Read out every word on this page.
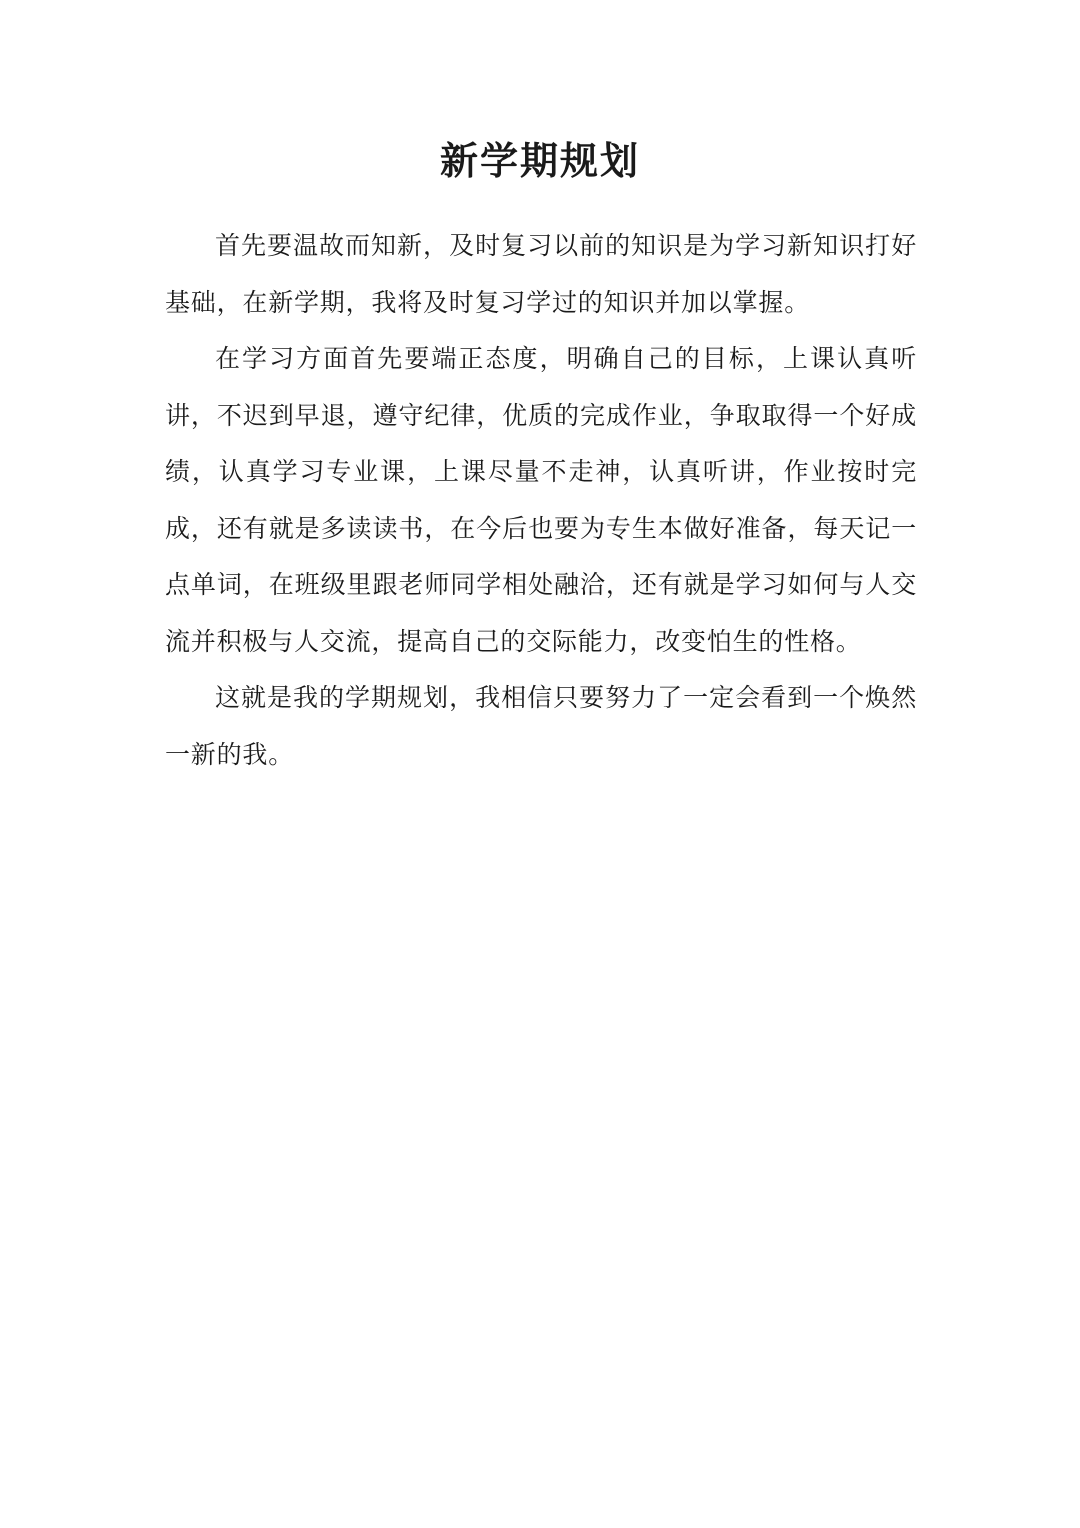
新学期规划

首先要温故而知新，及时复习以前的知识是为学习新知识打好基础，在新学期，我将及时复习学过的知识并加以掌握。

在学习方面首先要端正态度，明确自己的目标，上课认真听讲，不迟到早退，遵守纪律，优质的完成作业，争取取得一个好成绩，认真学习专业课，上课尽量不走神，认真听讲，作业按时完成，还有就是多读读书，在今后也要为专生本做好准备，每天记一点单词，在班级里跟老师同学相处融洽，还有就是学习如何与人交流并积极与人交流，提高自己的交际能力，改变怕生的性格。

这就是我的学期规划，我相信只要努力了一定会看到一个焕然一新的我。
